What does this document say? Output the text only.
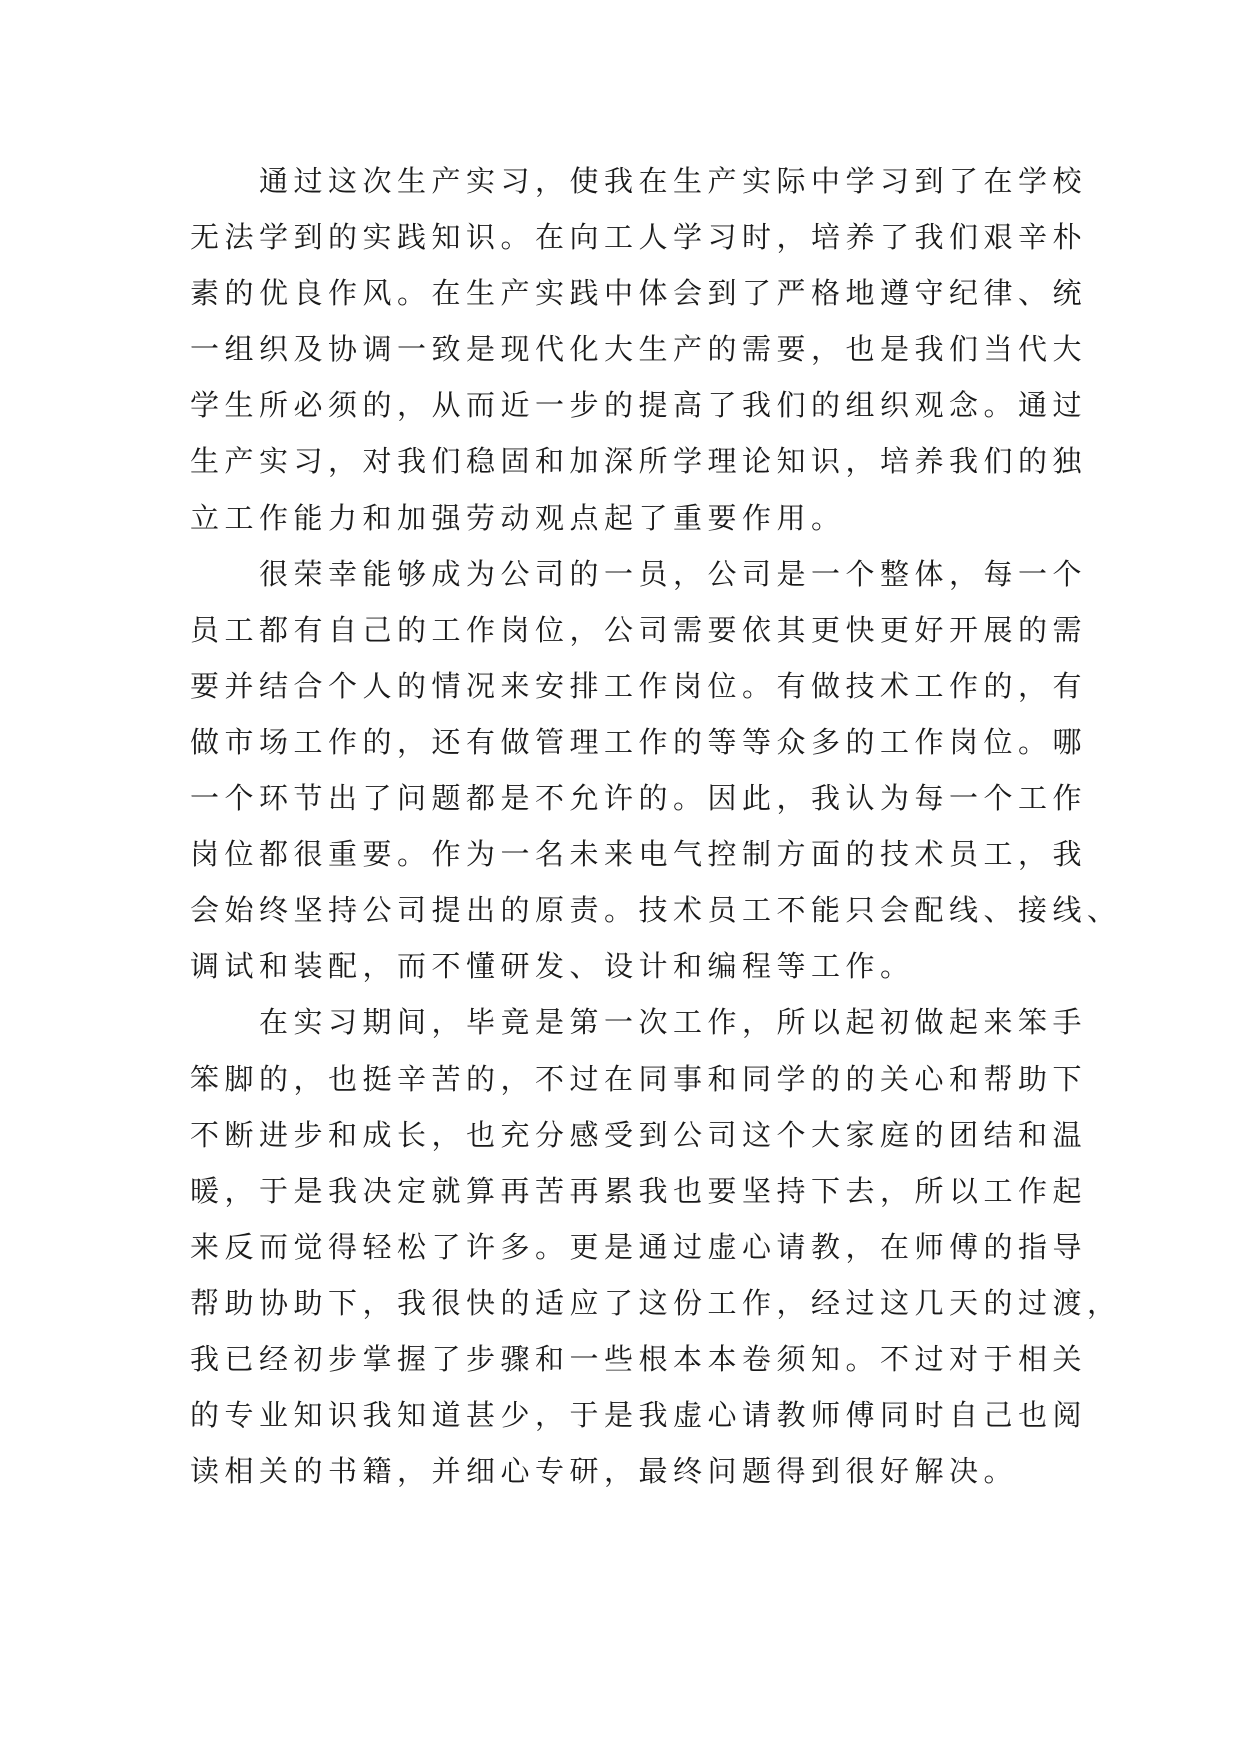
　　通过这次生产实习，使我在生产实际中学习到了在学校
无法学到的实践知识。在向工人学习时，培养了我们艰辛朴
素的优良作风。在生产实践中体会到了严格地遵守纪律、统
一组织及协调一致是现代化大生产的需要，也是我们当代大
学生所必须的，从而近一步的提高了我们的组织观念。通过
生产实习，对我们稳固和加深所学理论知识，培养我们的独
立工作能力和加强劳动观点起了重要作用。
　　很荣幸能够成为公司的一员，公司是一个整体，每一个
员工都有自己的工作岗位，公司需要依其更快更好开展的需
要并结合个人的情况来安排工作岗位。有做技术工作的，有
做市场工作的，还有做管理工作的等等众多的工作岗位。哪
一个环节出了问题都是不允许的。因此，我认为每一个工作
岗位都很重要。作为一名未来电气控制方面的技术员工，我
会始终坚持公司提出的原责。技术员工不能只会配线、接线、
调试和装配，而不懂研发、设计和编程等工作。
　　在实习期间，毕竟是第一次工作，所以起初做起来笨手
笨脚的，也挺辛苦的，不过在同事和同学的的关心和帮助下
不断进步和成长，也充分感受到公司这个大家庭的团结和温
暖，于是我决定就算再苦再累我也要坚持下去，所以工作起
来反而觉得轻松了许多。更是通过虚心请教，在师傅的指导
帮助协助下，我很快的适应了这份工作，经过这几天的过渡，
我已经初步掌握了步骤和一些根本本卷须知。不过对于相关
的专业知识我知道甚少，于是我虚心请教师傅同时自己也阅
读相关的书籍，并细心专研，最终问题得到很好解决。
